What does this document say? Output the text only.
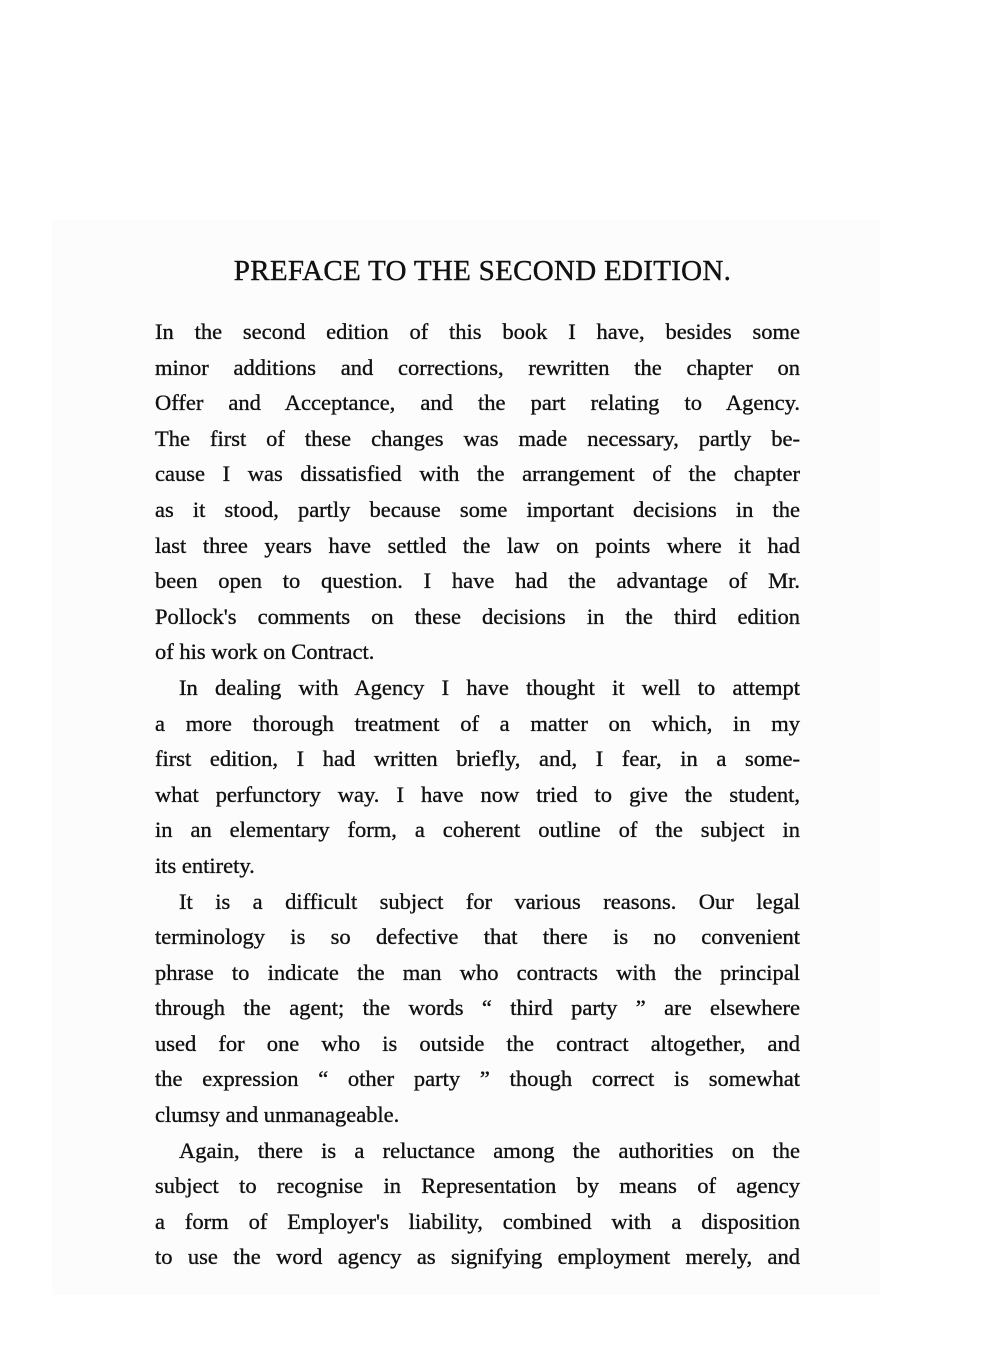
PREFACE TO THE SECOND EDITION.

In the second edition of this book I have, besides some
minor additions and corrections, rewritten the chapter on
Offer and Acceptance, and the part relating to Agency.
The first of these changes was made necessary, partly be-
cause I was dissatisfied with the arrangement of the chapter
as it stood, partly because some important decisions in the
last three years have settled the law on points where it had
been open to question. I have had the advantage of Mr.
Pollock's comments on these decisions in the third edition
of his work on Contract.

In dealing with Agency I have thought it well to attempt
a more thorough treatment of a matter on which, in my
first edition, I had written briefly, and, I fear, in a some-
what perfunctory way. I have now tried to give the student,
in an elementary form, a coherent outline of the subject in
its entirety.

It is a difficult subject for various reasons. Our legal
terminology is so defective that there is no convenient
phrase to indicate the man who contracts with the principal
through the agent; the words “ third party ” are elsewhere
used for one who is outside the contract altogether, and
the expression “ other party ” though correct is somewhat
clumsy and unmanageable.

Again, there is a reluctance among the authorities on the
subject to recognise in Representation by means of agency
a form of Employer's liability, combined with a disposition
to use the word agency as signifying employment merely, and
